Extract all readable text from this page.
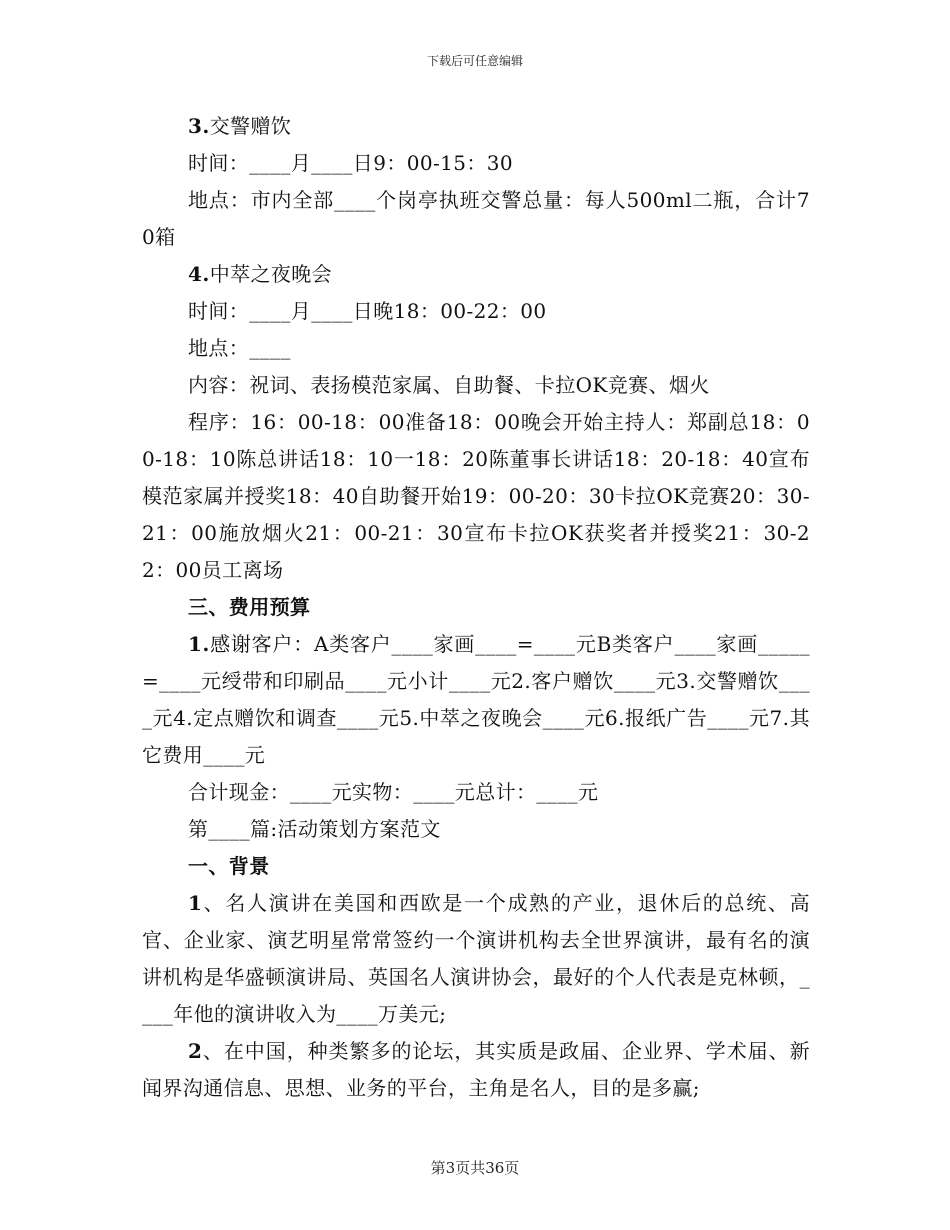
下载后可任意编辑

3.交警赠饮

时间：____月____日9：00-15：30

地点：市内全部____个岗亭执班交警总量：每人500ml二瓶，合计70箱

4.中萃之夜晚会

时间：____月____日晚18：00-22：00

地点：____

内容：祝词、表扬模范家属、自助餐、卡拉OK竞赛、烟火

程序：16：00-18：00准备18：00晚会开始主持人：郑副总18：00-18：10陈总讲话18：10一18：20陈董事长讲话18：20-18：40宣布模范家属并授奖18：40自助餐开始19：00-20：30卡拉OK竞赛20：30-21：00施放烟火21：00-21：30宣布卡拉OK获奖者并授奖21：30-22：00员工离场

三、费用预算

1.感谢客户：A类客户____家画____=____元B类客户____家画_____=____元绶带和印刷品____元小计____元2.客户赠饮____元3.交警赠饮____元4.定点赠饮和调查____元5.中萃之夜晚会____元6.报纸广告____元7.其它费用____元

合计现金：____元实物：____元总计：____元

第____篇:活动策划方案范文

一、背景

1、名人演讲在美国和西欧是一个成熟的产业，退休后的总统、高官、企业家、演艺明星常常签约一个演讲机构去全世界演讲，最有名的演讲机构是华盛顿演讲局、英国名人演讲协会，最好的个人代表是克林顿，____年他的演讲收入为____万美元;

2、在中国，种类繁多的论坛，其实质是政届、企业界、学术届、新闻界沟通信息、思想、业务的平台，主角是名人，目的是多赢;

第3页共36页
